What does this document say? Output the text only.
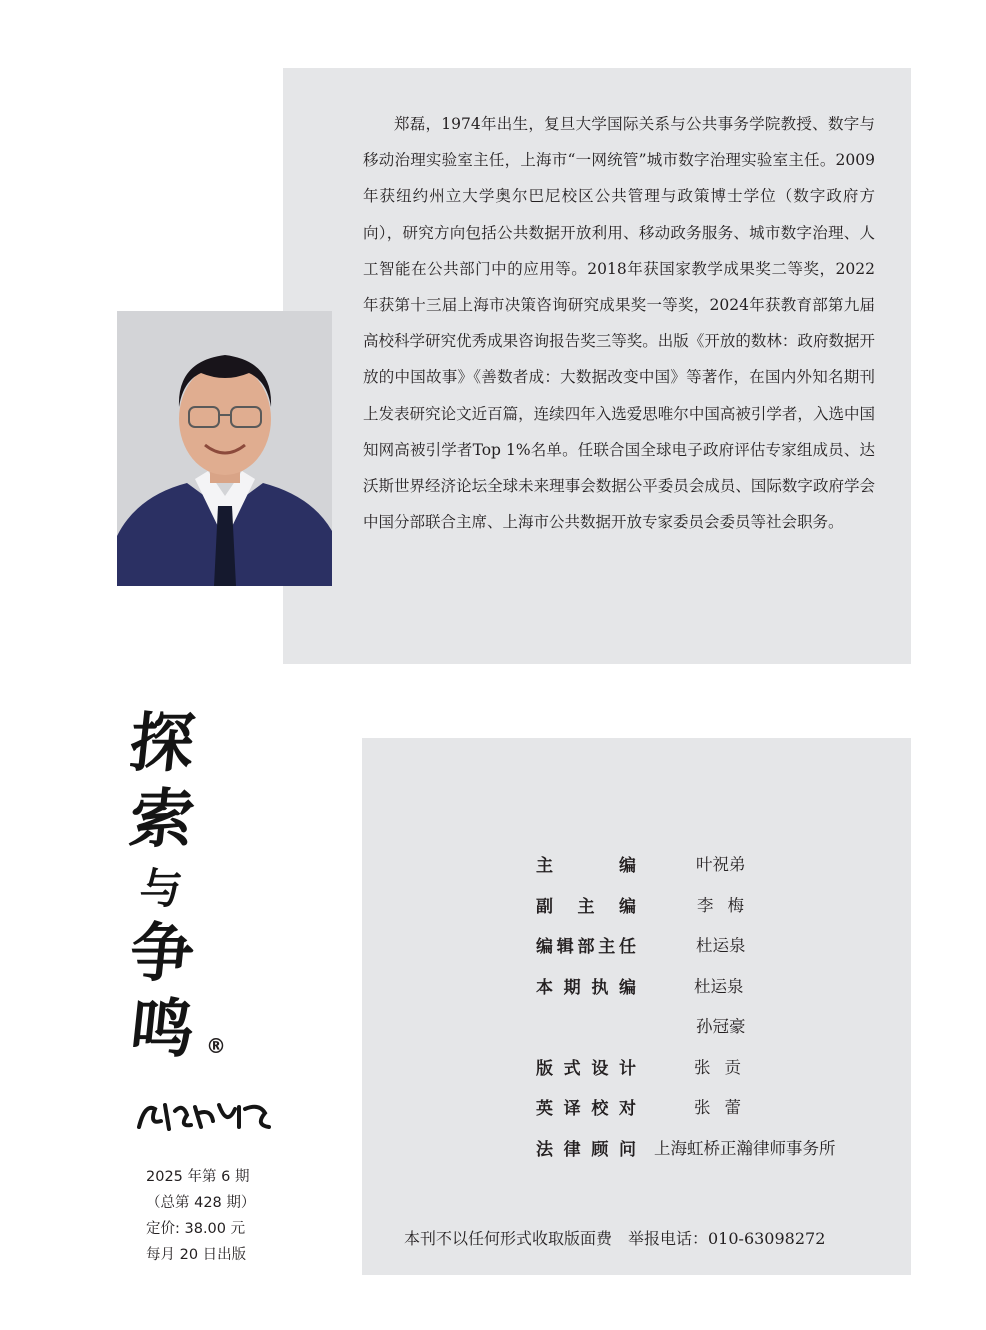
郑磊，1974年出生，复旦大学国际关系与公共事务学院教授、数字与移动治理实验室主任，上海市“一网统管”城市数字治理实验室主任。2009年获纽约州立大学奥尔巴尼校区公共管理与政策博士学位（数字政府方向），研究方向包括公共数据开放利用、移动政务服务、城市数字治理、人工智能在公共部门中的应用等。2018年获国家教学成果奖二等奖，2022年获第十三届上海市决策咨询研究成果奖一等奖，2024年获教育部第九届高校科学研究优秀成果咨询报告奖三等奖。出版《开放的数林：政府数据开放的中国故事》《善数者成：大数据改变中国》等著作，在国内外知名期刊上发表研究论文近百篇，连续四年入选爱思唯尔中国高被引学者，入选中国知网高被引学者Top 1%名单。任联合国全球电子政府评估专家组成员、达沃斯世界经济论坛全球未来理事会数据公平委员会成员、国际数字政府学会中国分部联合主席、上海市公共数据开放专家委员会委员等社会职务。

探
索
与
争
鸣 ®
2025 年第 6 期
（总第 428 期）
定价: 38.00 元
每月 20 日出版
主　　编	叶祝弟
副 主 编	李梅
编辑部主任	杜运泉
本期执编	杜运泉
孙冠豪
版式设计	张贡
英译校对	张蕾
法律顾问 上海虹桥正瀚律师事务所
本刊不以任何形式收取版面费　举报电话：010-63098272
